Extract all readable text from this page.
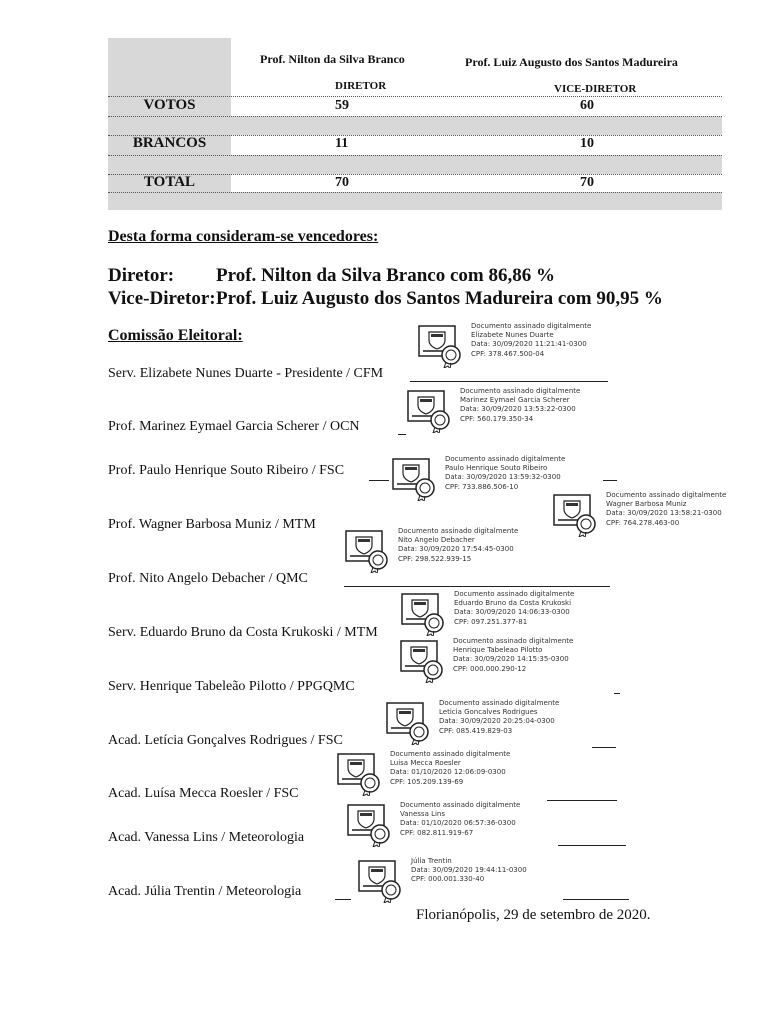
Prof. Nilton da Silva Branco
DIRETOR
Prof. Luiz Augusto dos Santos Madureira
VICE-DIRETOR
VOTOS	59	60
BRANCOS	11	10
TOTAL	70	70
Desta forma consideram-se vencedores:
Diretor: Prof. Nilton da Silva Branco com 86,86 %
Vice-Diretor: Prof. Luiz Augusto dos Santos Madureira com 90,95 %
Comissão Eleitoral:
Serv. Elizabete Nunes Duarte - Presidente / CFM
Prof. Marinez Eymael Garcia Scherer / OCN
Prof. Paulo Henrique Souto Ribeiro / FSC
Prof. Wagner Barbosa Muniz / MTM
Prof. Nito Angelo Debacher / QMC
Serv. Eduardo Bruno da Costa Krukoski / MTM
Serv. Henrique Tabeleão Pilotto / PPGQMC
Acad. Letícia Gonçalves Rodrigues / FSC
Acad. Luísa Mecca Roesler / FSC
Acad. Vanessa Lins / Meteorologia
Acad. Júlia Trentin / Meteorologia
Documento assinado digitalmente
Elizabete Nunes Duarte
Data: 30/09/2020 11:21:41-0300
CPF: 378.467.500-04
Documento assinado digitalmente
Marinez Eymael Garcia Scherer
Data: 30/09/2020 13:53:22-0300
CPF: 560.179.350-34
Documento assinado digitalmente
Paulo Henrique Souto Ribeiro
Data: 30/09/2020 13:59:32-0300
CPF: 733.886.506-10
Documento assinado digitalmente
Wagner Barbosa Muniz
Data: 30/09/2020 13:58:21-0300
CPF: 764.278.463-00
Documento assinado digitalmente
Nito Angelo Debacher
Data: 30/09/2020 17:54:45-0300
CPF: 298.522.939-15
Documento assinado digitalmente
Eduardo Bruno da Costa Krukoski
Data: 30/09/2020 14:06:33-0300
CPF: 097.251.377-81
Documento assinado digitalmente
Henrique Tabeleao Pilotto
Data: 30/09/2020 14:15:35-0300
CPF: 000.000.290-12
Documento assinado digitalmente
Leticia Goncalves Rodrigues
Data: 30/09/2020 20:25:04-0300
CPF: 085.419.829-03
Documento assinado digitalmente
Luisa Mecca Roesler
Data: 01/10/2020 12:06:09-0300
CPF: 105.209.139-69
Documento assinado digitalmente
Vanessa Lins
Data: 01/10/2020 06:57:36-0300
CPF: 082.811.919-67
Júlia Trentin
Data: 30/09/2020 19:44:11-0300
CPF: 000.001.330-40
Florianópolis, 29 de setembro de 2020.
